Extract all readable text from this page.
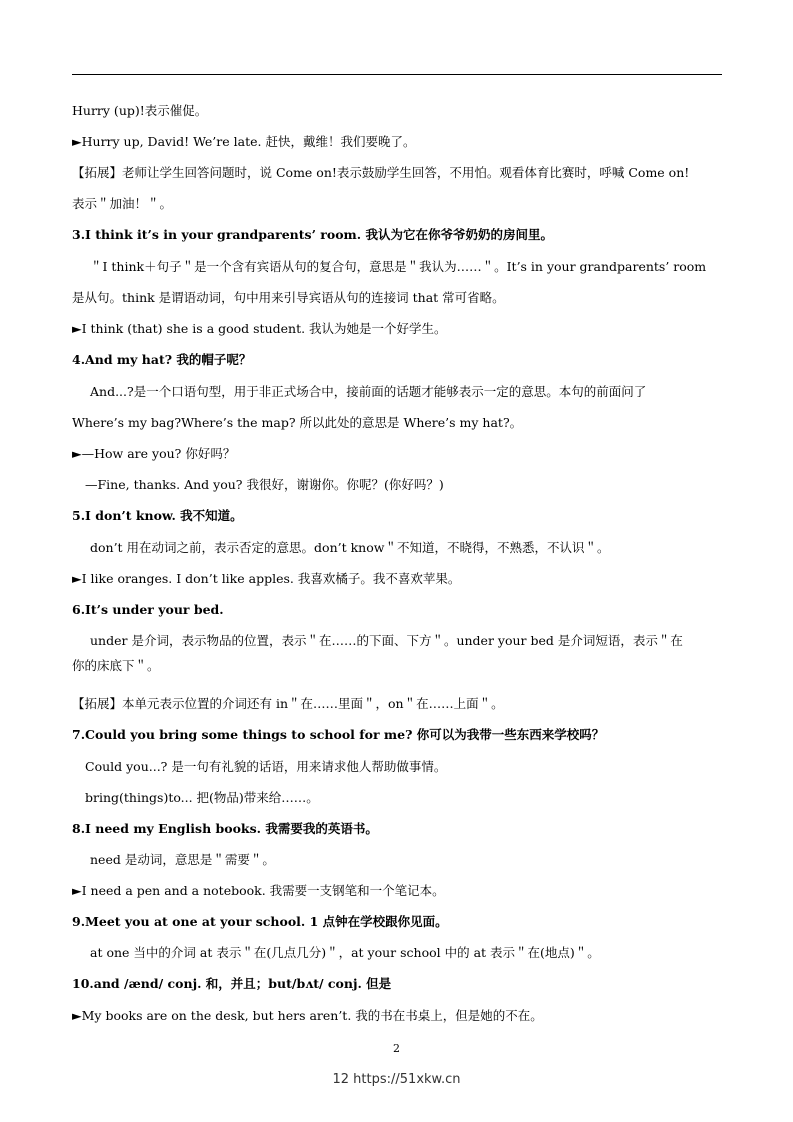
Hurry (up)!表示催促。
►Hurry up, David! We’re late. 赶快，戴维！我们要晚了。
【拓展】老师让学生回答问题时，说 Come on!表示鼓励学生回答，不用怕。观看体育比赛时，呼喊 Come on!
表示＂加油！＂。
3.I think it’s in your grandparents’ room. 我认为它在你爷爷奶奶的房间里。
＂I think＋句子＂是一个含有宾语从句的复合句，意思是＂我认为……＂。It’s in your grandparents’ room
是从句。think 是谓语动词，句中用来引导宾语从句的连接词 that 常可省略。
►I think (that) she is a good student. 我认为她是一个好学生。
4.And my hat? 我的帽子呢？
And...?是一个口语句型，用于非正式场合中，接前面的话题才能够表示一定的意思。本句的前面问了
Where’s my bag?Where’s the map? 所以此处的意思是 Where’s my hat?。
►—How are you? 你好吗？
—Fine, thanks. And you? 我很好，谢谢你。你呢？(你好吗？)
5.I don’t know. 我不知道。
don’t 用在动词之前，表示否定的意思。don’t know＂不知道，不晓得，不熟悉，不认识＂。
►I like oranges. I don’t like apples. 我喜欢橘子。我不喜欢苹果。
6.It’s under your bed.
under 是介词，表示物品的位置，表示＂在……的下面、下方＂。under your bed 是介词短语，表示＂在
你的床底下＂。
【拓展】本单元表示位置的介词还有 in＂在……里面＂，on＂在……上面＂。
7.Could you bring some things to school for me? 你可以为我带一些东西来学校吗？
Could you...? 是一句有礼貌的话语，用来请求他人帮助做事情。
bring(things)to... 把(物品)带来给……。
8.I need my English books. 我需要我的英语书。
need 是动词，意思是＂需要＂。
►I need a pen and a notebook. 我需要一支钢笔和一个笔记本。
9.Meet you at one at your school. 1 点钟在学校跟你见面。
at one 当中的介词 at 表示＂在(几点几分)＂，at your school 中的 at 表示＂在(地点)＂。
10.and /ænd/ conj. 和，并且；but/bʌt/ conj. 但是
►My books are on the desk, but hers aren’t. 我的书在书桌上，但是她的不在。
2
12 https://51xkw.cn
